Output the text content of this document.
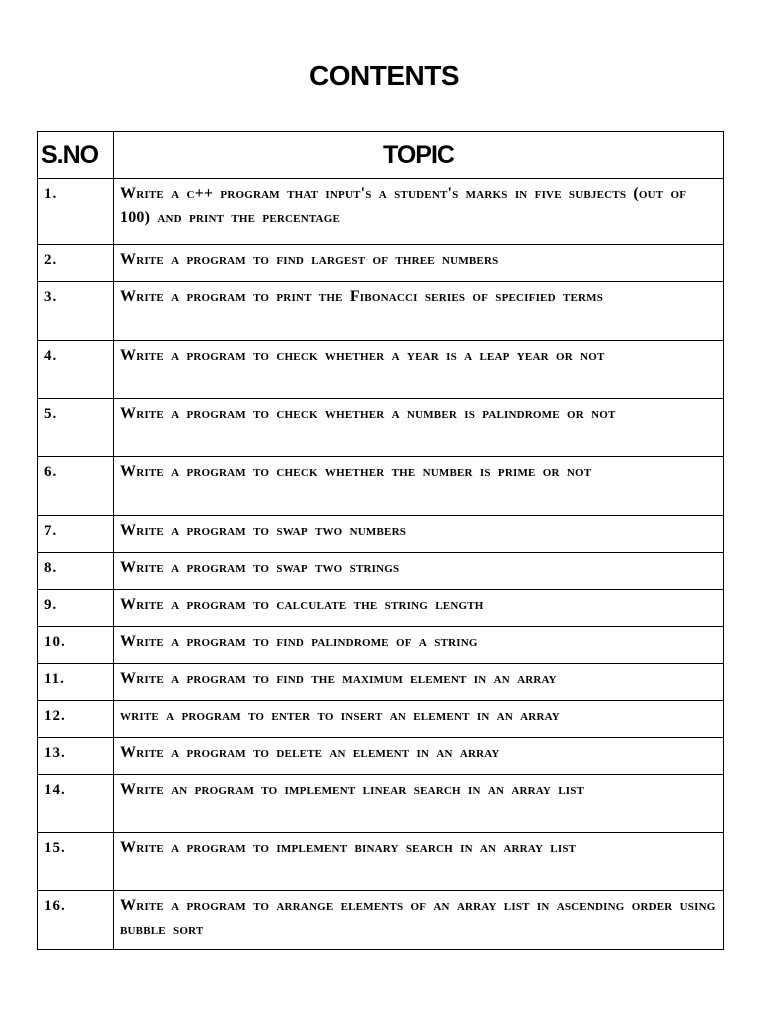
CONTENTS
S.NO	TOPIC
1.	Write a c++ program that input's a student's marks in five subjects (out of 100) and print the percentage
2.	Write a program to find largest of three numbers
3.	Write a program to print the Fibonacci series of specified terms
4.	Write a program to check whether a year is a leap year or not
5.	Write a program to check whether a number is palindrome or not
6.	Write a program to check whether the number is prime or not
7.	Write a program to swap two numbers
8.	Write a program to swap two strings
9.	Write a program to calculate the string length
10.	Write a program to find palindrome of a string
11.	Write a program to find the maximum element in an array
12.	write a program to enter to insert an element in an array
13.	Write a program to delete an element in an array
14.	Write an program to implement linear search in an array list
15.	Write a program to implement binary search in an array list
16.	Write a program to arrange elements of an array list in ascending order using bubble sort
